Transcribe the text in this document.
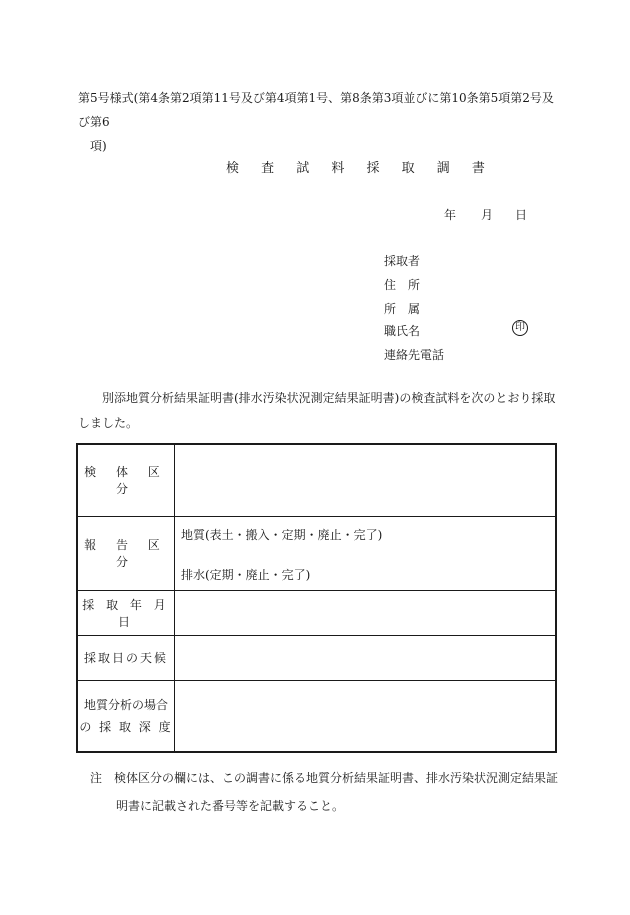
第5号様式(第4条第2項第11号及び第4項第1号、第8条第3項並びに第10条第5項第2号及び第6
項)
検 査 試 料 採 取 調 書
年 月 日
採取者
住　所
所　属
職氏名	印
連絡先電話
別添地質分析結果証明書(排水汚染状況測定結果証明書)の検査試料を次のとおり採取しました。
検 体 区 分	
報 告 区 分	地質(表土・搬入・定期・廃止・完了)
排水(定期・廃止・完了)

採 取 年 月 日	
採取日の天候	

地質分析の場合
の 採 取 深 度	

注　検体区分の欄には、この調書に係る地質分析結果証明書、排水汚染状況測定結果証
明書に記載された番号等を記載すること。
